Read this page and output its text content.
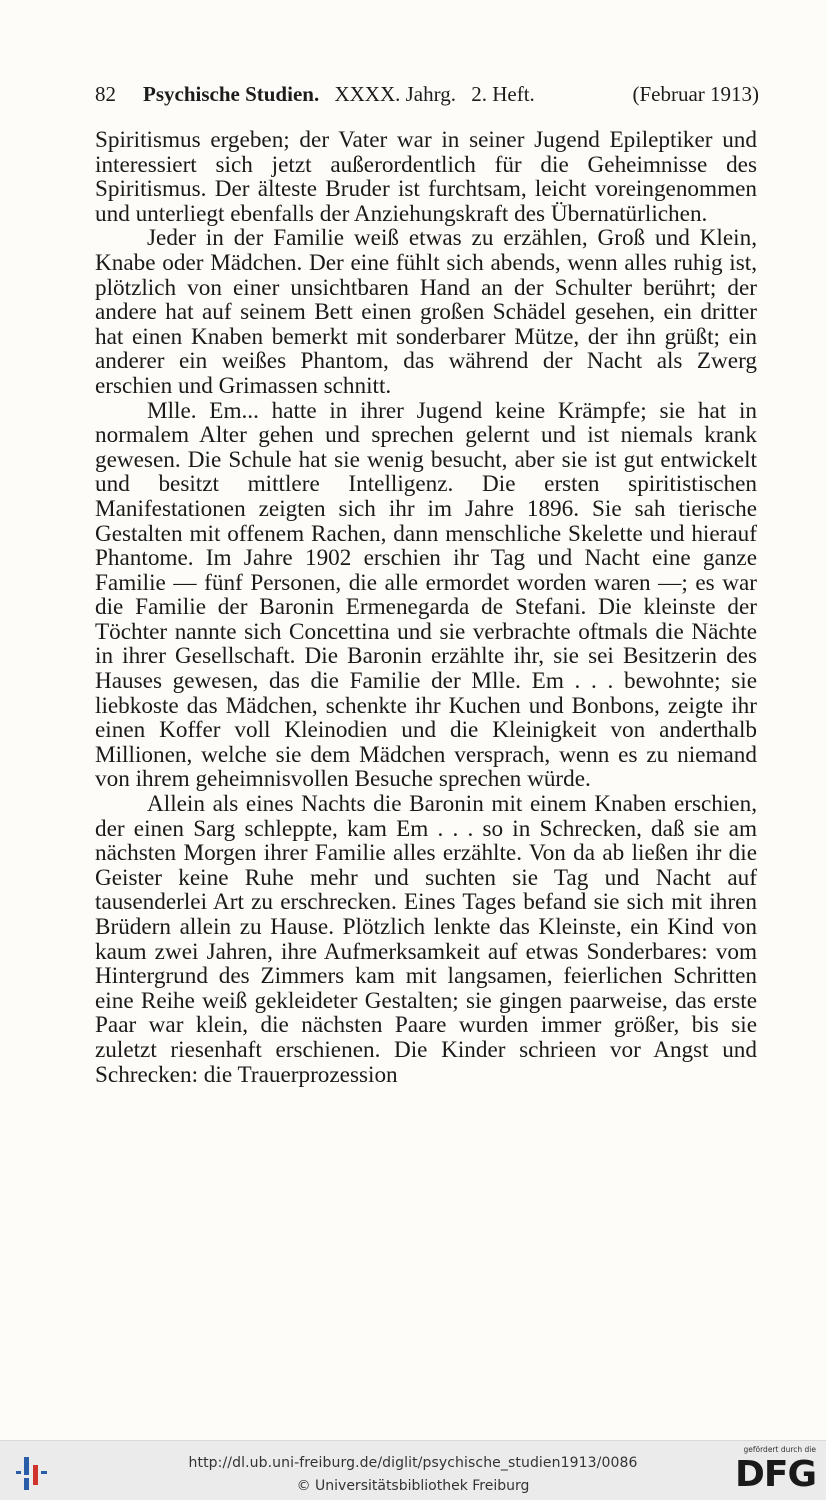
82 Psychische Studien. XXXX. Jahrg. 2. Heft.	(Februar 1913)

Spiritismus ergeben; der Vater war in seiner Jugend Epileptiker und interessiert sich jetzt außerordentlich für die Geheimnisse des Spiritismus. Der älteste Bruder ist furchtsam, leicht voreingenommen und unterliegt ebenfalls der Anziehungskraft des Übernatürlichen.

Jeder in der Familie weiß etwas zu erzählen, Groß und Klein, Knabe oder Mädchen. Der eine fühlt sich abends, wenn alles ruhig ist, plötzlich von einer unsichtbaren Hand an der Schulter berührt; der andere hat auf seinem Bett einen großen Schädel gesehen, ein dritter hat einen Knaben bemerkt mit sonderbarer Mütze, der ihn grüßt; ein anderer ein weißes Phantom, das während der Nacht als Zwerg erschien und Grimassen schnitt.

Mlle. Em... hatte in ihrer Jugend keine Krämpfe; sie hat in normalem Alter gehen und sprechen gelernt und ist niemals krank gewesen. Die Schule hat sie wenig besucht, aber sie ist gut entwickelt und besitzt mittlere Intelligenz. Die ersten spiritistischen Manifestationen zeigten sich ihr im Jahre 1896. Sie sah tierische Gestalten mit offenem Rachen, dann menschliche Skelette und hierauf Phantome. Im Jahre 1902 erschien ihr Tag und Nacht eine ganze Familie — fünf Personen, die alle ermordet worden waren —; es war die Familie der Baronin Ermenegarda de Stefani. Die kleinste der Töchter nannte sich Concettina und sie verbrachte oftmals die Nächte in ihrer Gesellschaft. Die Baronin erzählte ihr, sie sei Besitzerin des Hauses gewesen, das die Familie der Mlle. Em . . . bewohnte; sie liebkoste das Mädchen, schenkte ihr Kuchen und Bonbons, zeigte ihr einen Koffer voll Kleinodien und die Kleinigkeit von anderthalb Millionen, welche sie dem Mädchen versprach, wenn es zu niemand von ihrem geheimnisvollen Besuche sprechen würde.

Allein als eines Nachts die Baronin mit einem Knaben erschien, der einen Sarg schleppte, kam Em . . . so in Schrecken, daß sie am nächsten Morgen ihrer Familie alles erzählte. Von da ab ließen ihr die Geister keine Ruhe mehr und suchten sie Tag und Nacht auf tausenderlei Art zu erschrecken. Eines Tages befand sie sich mit ihren Brüdern allein zu Hause. Plötzlich lenkte das Kleinste, ein Kind von kaum zwei Jahren, ihre Aufmerksamkeit auf etwas Sonderbares: vom Hintergrund des Zimmers kam mit langsamen, feierlichen Schritten eine Reihe weiß gekleideter Gestalten; sie gingen paarweise, das erste Paar war klein, die nächsten Paare wurden immer größer, bis sie zuletzt riesenhaft erschienen. Die Kinder schrieen vor Angst und Schrecken: die Trauerprozession

http://dl.ub.uni-freiburg.de/diglit/psychische_studien1913/0086
© Universitätsbibliothek Freiburg
gefördert durch die
DFG
